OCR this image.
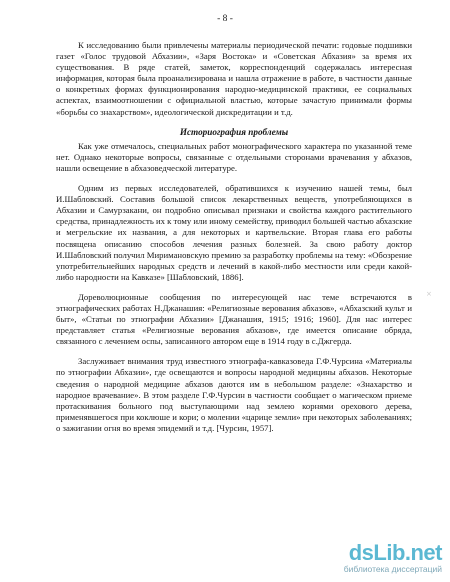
- 8 -

К исследованию были привлечены материалы периодической печати: годовые подшивки газет «Голос трудовой Абхазии», «Заря Востока» и «Советская Абхазия» за время их существования. В ряде статей, заметок, корреспонденций содержалась интересная информация, которая была проанализирована и нашла отражение в работе, в частности данные о конкретных формах функционирования народно-медицинской практики, ее социальных аспектах, взаимоотношении с официальной властью, которые зачастую принимали формы «борьбы со знахарством», идеологической дискредитации и т.д.

Историография проблемы

Как уже отмечалось, специальных работ монографического характера по указанной теме нет. Однако некоторые вопросы, связанные с отдельными сторонами врачевания у абхазов, нашли освещение в абхазоведческой литературе.

Одним из первых исследователей, обратившихся к изучению нашей темы, был И.Шабловский. Составив большой список лекарственных веществ, употребляющихся в Абхазии и Самурзакани, он подробно описывал признаки и свойства каждого растительного средства, принадлежность их к тому или иному семейству, приводил большей частью абхазские и мегрельские их названия, а для некоторых и картвельские. Вторая глава его работы посвящена описанию способов лечения разных болезней. За свою работу доктор И.Шабловский получил Мириманoвскую премию за разработку проблемы на тему: «Обозрение употребительнейших народных средств и лечений в какой-либо местности или среди какой-либо народности на Кавказе» [Шабловский, 1886].

Дореволюционные сообщения по интересующей нас теме встречаются в этнографических работах Н.Джанашия: «Религиозные верования абхазов», «Абхазский культ и быт», «Статьи по этнографии Абхазии» [Джанашия, 1915; 1916; 1960]. Для нас интерес представляет статья «Религиозные верования абхазов», где имеется описание обряда, связанного с лечением оспы, записанного автором еще в 1914 году в с.Джгерда.

Заслуживает внимания труд известного этнографа-кавказоведа Г.Ф.Чурсина «Материалы по этнографии Абхазии», где освещаются и вопросы народной медицины абхазов. Некоторые сведения о народной медицине абхазов даются им в небольшом разделе: «Знахарство и народное врачевание». В этом разделе Г.Ф.Чурсин в частности сообщает о магическом приеме протаскивания больного под выступающими над землею корнями орехового дерева, применявшегося при коклюше и кори; о молении «царице земли» при некоторых заболеваниях; о зажигании огня во время эпидемий и т.д. [Чурсин, 1957].

×
dsLib.net
библиотека диссертаций
